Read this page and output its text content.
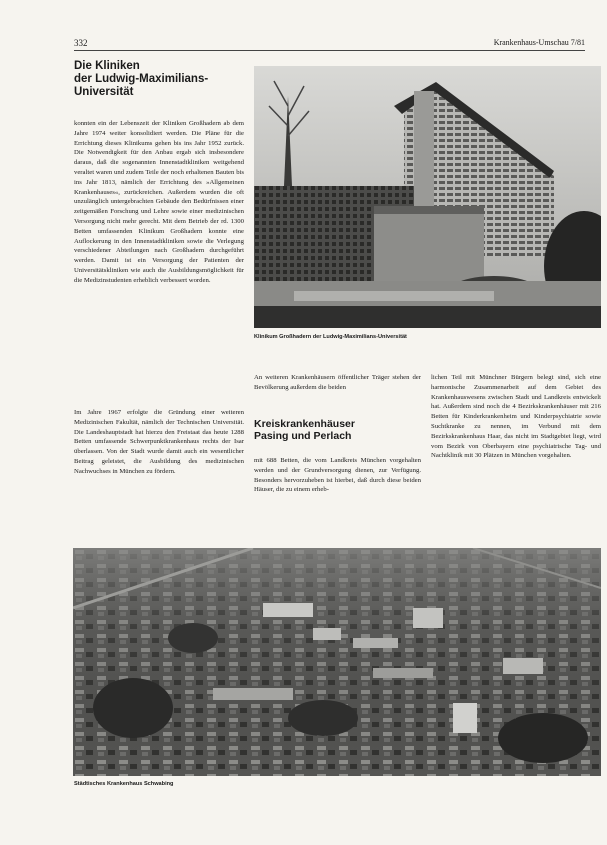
332	Krankenhaus-Umschau 7/81
Die Kliniken
der Ludwig-Maximilians-
Universität
konnten ein der Lebenszeit der Kliniken Großhadern ab dem Jahre 1974 weiter konsolidiert werden. Die Pläne für die Errichtung dieses Klinikums gehen bis ins Jahr 1952 zurück. Die Notwendigkeit für den Anbau ergab sich insbesondere daraus, daß die sogenannten Innenstadtkliniken weitgehend veraltet waren und zudem Teile der noch erhaltenen Bauten bis ins Jahr 1813, nämlich der Errichtung des »Allgemeinen Krankenhauses«, zurückreichen. Außerdem wurden die oft unzulänglich untergebrachten Gebäude den Bedürfnissen einer zeitgemäßen Forschung und Lehre sowie einer medizinischen Versorgung nicht mehr gerecht. Mit dem Betrieb der rd. 1300 Betten umfassenden Klinikum Großhadern konnte eine Auflockerung in den Innenstadtkliniken sowie die Verlegung verschiedener Abteilungen nach Großhadern durchgeführt werden. Damit ist ein Versorgung der Patienten der Universitätskliniken wie auch die Ausbildungsmöglichkeit für die Medizinstudenten erheblich verbessert worden.
Im Jahre 1967 erfolgte die Gründung einer weiteren Medizinischen Fakultät, nämlich der Technischen Universität. Die Landeshauptstadt hat hierzu den Freistaat das heute 1288 Betten umfassende Schwerpunktkrankenhaus rechts der Isar überlassen. Von der Stadt wurde damit auch ein wesentlicher Beitrag geleistet, die Ausbildung des medizinischen Nachwuchses in München zu fördern.
Klinikum Großhadern der Ludwig-Maximilians-Universität
An weiteren Krankenhäusern öffentlicher Träger stehen der Bevölkerung außerdem die beiden
Kreiskrankenhäuser
Pasing und Perlach
mit 688 Betten, die vom Landkreis München vorgehalten werden und der Grundversorgung dienen, zur Verfügung. Besonders hervorzuheben ist hierbei, daß durch diese beiden Häuser, die zu einem erheb-
lichen Teil mit Münchner Bürgern belegt sind, sich eine harmonische Zusammenarbeit auf dem Gebiet des Krankenhauswesens zwischen Stadt und Landkreis entwickelt hat. Außerdem sind noch die 4 Bezirkskrankenhäuser mit 216 Betten für Kinderkrankenheim und Kinderpsychiatrie sowie Suchtkranke zu nennen, im Verbund mit dem Bezirkskrankenhaus Haar, das nicht im Stadtgebiet liegt, wird vom Bezirk von Oberbayern eine psychiatrische Tag- und Nachtklinik mit 30 Plätzen in München vorgehalten.
Städtisches Krankenhaus Schwabing
